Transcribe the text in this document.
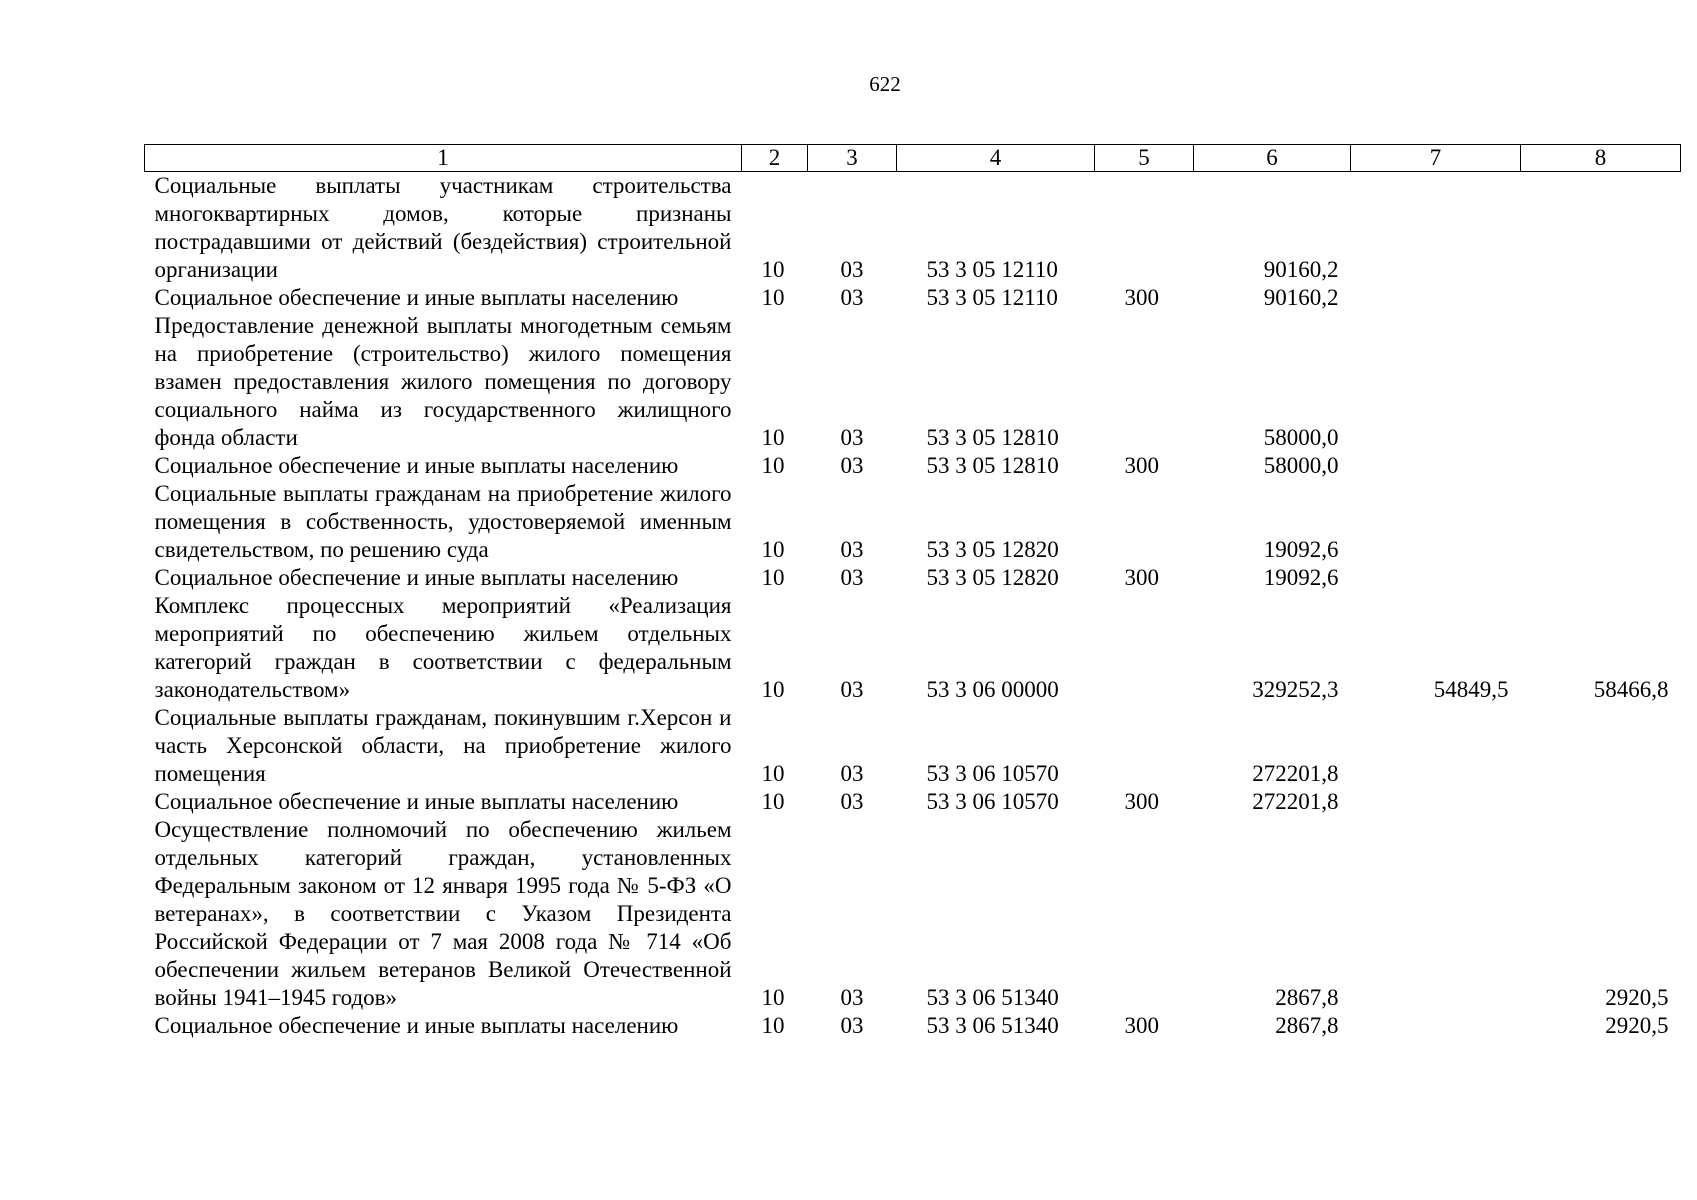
622
1	2	3	4	5	6	7	8
Социальные выплаты участникам строительства многоквартирных домов, которые признаны пострадавшими от действий (бездействия) строительной организации	10	03	53 3 05 12110		90160,2		
Социальное обеспечение и иные выплаты населению	10	03	53 3 05 12110	300	90160,2		
Предоставление денежной выплаты многодетным семьям на приобретение (строительство) жилого помещения взамен предоставления жилого помещения по договору социального найма из государственного жилищного фонда области	10	03	53 3 05 12810		58000,0		
Социальное обеспечение и иные выплаты населению	10	03	53 3 05 12810	300	58000,0		
Социальные выплаты гражданам на приобретение жилого помещения в собственность, удостоверяемой именным свидетельством, по решению суда	10	03	53 3 05 12820		19092,6		
Социальное обеспечение и иные выплаты населению	10	03	53 3 05 12820	300	19092,6		
Комплекс процессных мероприятий «Реализация мероприятий по обеспечению жильем отдельных категорий граждан в соответствии с федеральным законодательством»	10	03	53 3 06 00000		329252,3	54849,5	58466,8
Социальные выплаты гражданам, покинувшим г.Херсон и часть Херсонской области, на приобретение жилого помещения	10	03	53 3 06 10570		272201,8		
Социальное обеспечение и иные выплаты населению	10	03	53 3 06 10570	300	272201,8		
Осуществление полномочий по обеспечению жильем отдельных категорий граждан, установленных Федеральным законом от 12 января 1995 года № 5-ФЗ «О ветеранах», в соответствии с Указом Президента Российской Федерации от 7 мая 2008 года № 714 «Об обеспечении жильем ветеранов Великой Отечественной войны 1941–1945 годов»	10	03	53 3 06 51340		2867,8		2920,5
Социальное обеспечение и иные выплаты населению	10	03	53 3 06 51340	300	2867,8		2920,5
